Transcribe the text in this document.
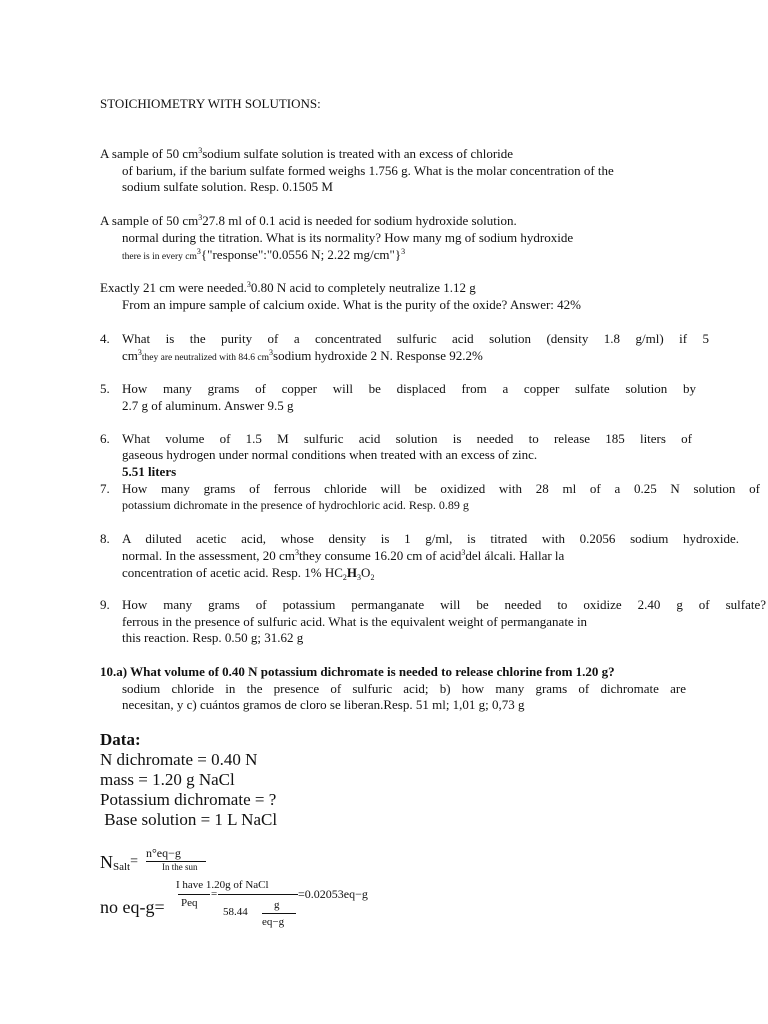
STOICHIOMETRY WITH SOLUTIONS:
A sample of 50 $cm^3sodium$ sulfate solution is treated with an excess of chloride
of barium, if the barium sulfate formed weighs 1.756 g. What is the molar concentration of the
sodium sulfate solution. Resp. 0.1505 M
A sample of 50 $cm^327.8$ ml of 0.1 acid is needed for sodium hydroxide solution.
normal during the titration. What is its normality? How many mg of sodium hydroxide
there is in every $cm^3\{"response":"0.0556$ N; 2.22 mg/cm"}$^3$
Exactly 21 cm were needed.$^3$0.80 N acid to completely neutralize 1.12 g
From an impure sample of calcium oxide. What is the purity of the oxide? Answer: 42%
4. What is the purity of a concentrated sulfuric acid solution (density 1.8 g/ml) if 5
$cm^3they$ are neutralized with 84.6 $cm^3sodium$ hydroxide 2 N. Response 92.2%
5. How many grams of copper will be displaced from a copper sulfate solution by
2.7 g of aluminum. Answer 9.5 g
6. What volume of 1.5 M sulfuric acid solution is needed to release 185 liters of
gaseous hydrogen under normal conditions when treated with an excess of zinc.
5.51 liters
7. How many grams of ferrous chloride will be oxidized with 28 ml of a 0.25 N solution of
potassium dichromate in the presence of hydrochloric acid. Resp. 0.89 g
8. A diluted acetic acid, whose density is 1 g/ml, is titrated with 0.2056 sodium hydroxide.
normal. In the assessment, 20 $cm^3they$ consume 16.20 cm of acid$^3$del álcali. Hallar la
concentration of acetic acid. Resp. 1% $HC_2H_3O_2$
9. How many grams of potassium permanganate will be needed to oxidize 2.40 g of sulfate?
ferrous in the presence of sulfuric acid. What is the equivalent weight of permanganate in
this reaction. Resp. 0.50 g; 31.62 g
10.a) What volume of 0.40 N potassium dichromate is needed to release chlorine from 1.20 g?
sodium chloride in the presence of sulfuric acid; b) how many grams of dichromate are
necesitan, y c) cuántos gramos de cloro se liberan.Resp. 51 ml; 1,01 g; 0,73 g
Data:
N dichromate = 0.40 N
mass = 1.20 g NaCl
Potassium dichromate = ?
Base solution = 1 L NaCl
$N_{Salt}=$
n°eq−g
In the sun
no eq-g=
I have 1.20g of NaCl
=
Peq
58.44
g
eq−g
=0.02053eq−g
